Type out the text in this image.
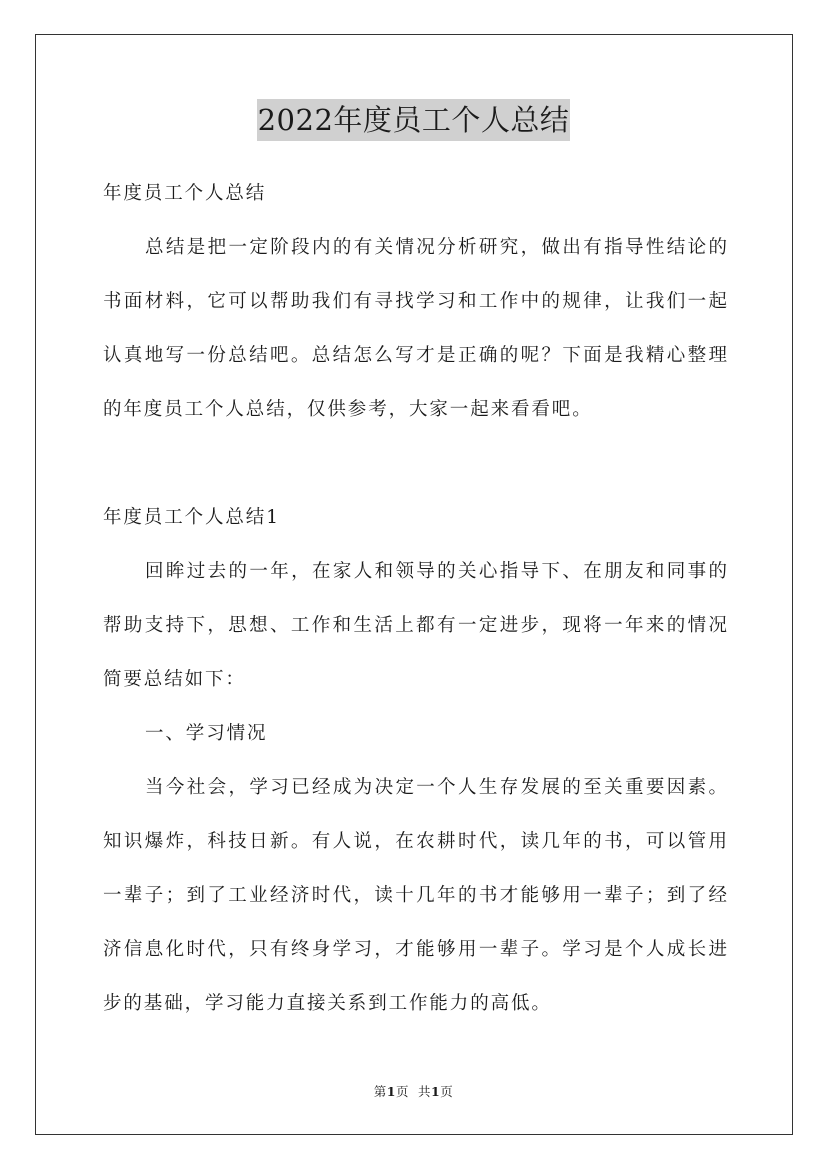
2022年度员工个人总结
年度员工个人总结
总结是把一定阶段内的有关情况分析研究，做出有指导性结论的
书面材料，它可以帮助我们有寻找学习和工作中的规律，让我们一起
认真地写一份总结吧。总结怎么写才是正确的呢？下面是我精心整理
的年度员工个人总结，仅供参考，大家一起来看看吧。
年度员工个人总结1
回眸过去的一年，在家人和领导的关心指导下、在朋友和同事的
帮助支持下，思想、工作和生活上都有一定进步，现将一年来的情况
简要总结如下：
一、学习情况
当今社会，学习已经成为决定一个人生存发展的至关重要因素。
知识爆炸，科技日新。有人说，在农耕时代，读几年的书，可以管用
一辈子；到了工业经济时代，读十几年的书才能够用一辈子；到了经
济信息化时代，只有终身学习，才能够用一辈子。学习是个人成长进
步的基础，学习能力直接关系到工作能力的高低。
第1页 共1页
